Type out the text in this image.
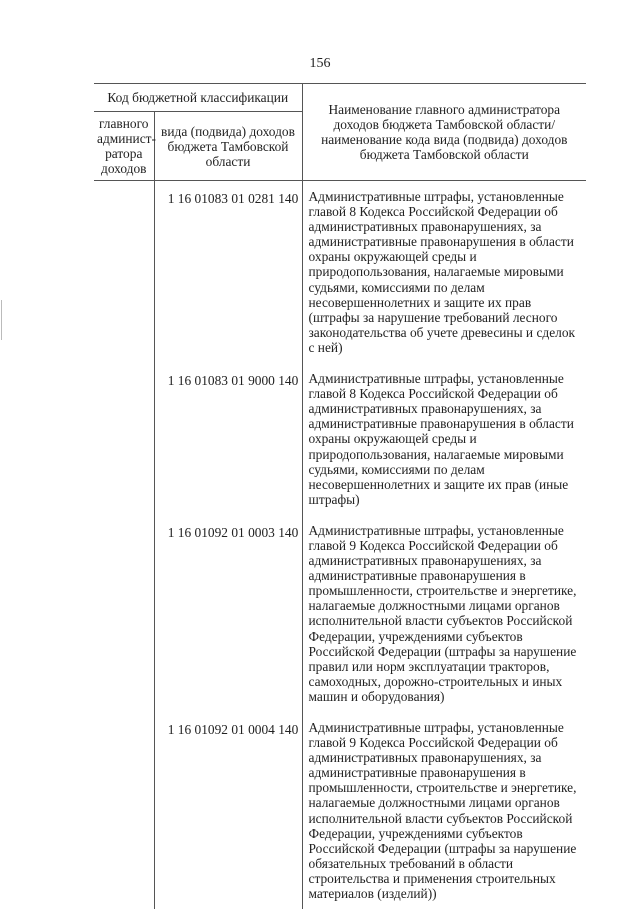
156
Код бюджетной классификации		Наименование главного администратора доходов бюджета Тамбовской области/наименование кода вида (подвида) доходов бюджета Тамбовской области
главного админист-ратора доходов	вида (подвида) доходов бюджета Тамбовской области	
	1 16 01083 01 0281 140	Административные штрафы, установленные главой 8 Кодекса Российской Федерации об административных правонарушениях, за административные правонарушения в области охраны окружающей среды и природопользования, налагаемые мировыми судьями, комиссиями по делам несовершеннолетних и защите их прав (штрафы за нарушение требований лесного законодательства об учете древесины и сделок с ней)
	1 16 01083 01 9000 140	Административные штрафы, установленные главой 8 Кодекса Российской Федерации об административных правонарушениях, за административные правонарушения в области охраны окружающей среды и природопользования, налагаемые мировыми судьями, комиссиями по делам несовершеннолетних и защите их прав (иные штрафы)
	1 16 01092 01 0003 140	Административные штрафы, установленные главой 9 Кодекса Российской Федерации об административных правонарушениях, за административные правонарушения в промышленности, строительстве и энергетике, налагаемые должностными лицами органов исполнительной власти субъектов Российской Федерации, учреждениями субъектов Российской Федерации (штрафы за нарушение правил или норм эксплуатации тракторов, самоходных, дорожно-строительных и иных машин и оборудования)
	1 16 01092 01 0004 140	Административные штрафы, установленные главой 9 Кодекса Российской Федерации об административных правонарушениях, за административные правонарушения в промышленности, строительстве и энергетике, налагаемые должностными лицами органов исполнительной власти субъектов Российской Федерации, учреждениями субъектов Российской Федерации (штрафы за нарушение обязательных требований в области строительства и применения строительных материалов (изделий))
